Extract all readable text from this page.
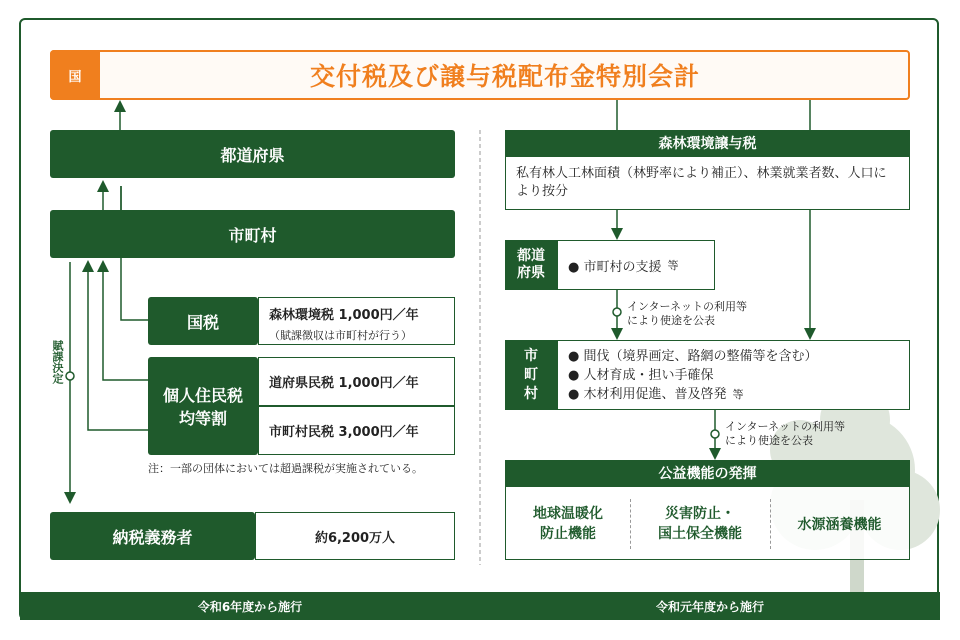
国	交付税及び譲与税配布金特別会計
都道府県
市町村
賦課決定
国税	森林環境税 1,000円／年
（賦課徴収は市町村が行う）
個人住民税
均等割
道府県民税 1,000円／年
市町村民税 3,000円／年
注：一部の団体においては超過課税が実施されている。
納税義務者	約6,200万人
森林環境譲与税
私有林人工林面積（林野率により補正）、林業就業者数、人口により按分
都道
府県 ● 市町村の支援 等
インターネットの利用等
により使途を公表
市
町
村
● 間伐（境界画定、路網の整備等を含む）
● 人材育成・担い手確保
● 木材利用促進、普及啓発 等
インターネットの利用等
により使途を公表
公益機能の発揮
地球温暖化
防止機能
災害防止・
国土保全機能
水源涵養機能
令和6年度から施行	令和元年度から施行
